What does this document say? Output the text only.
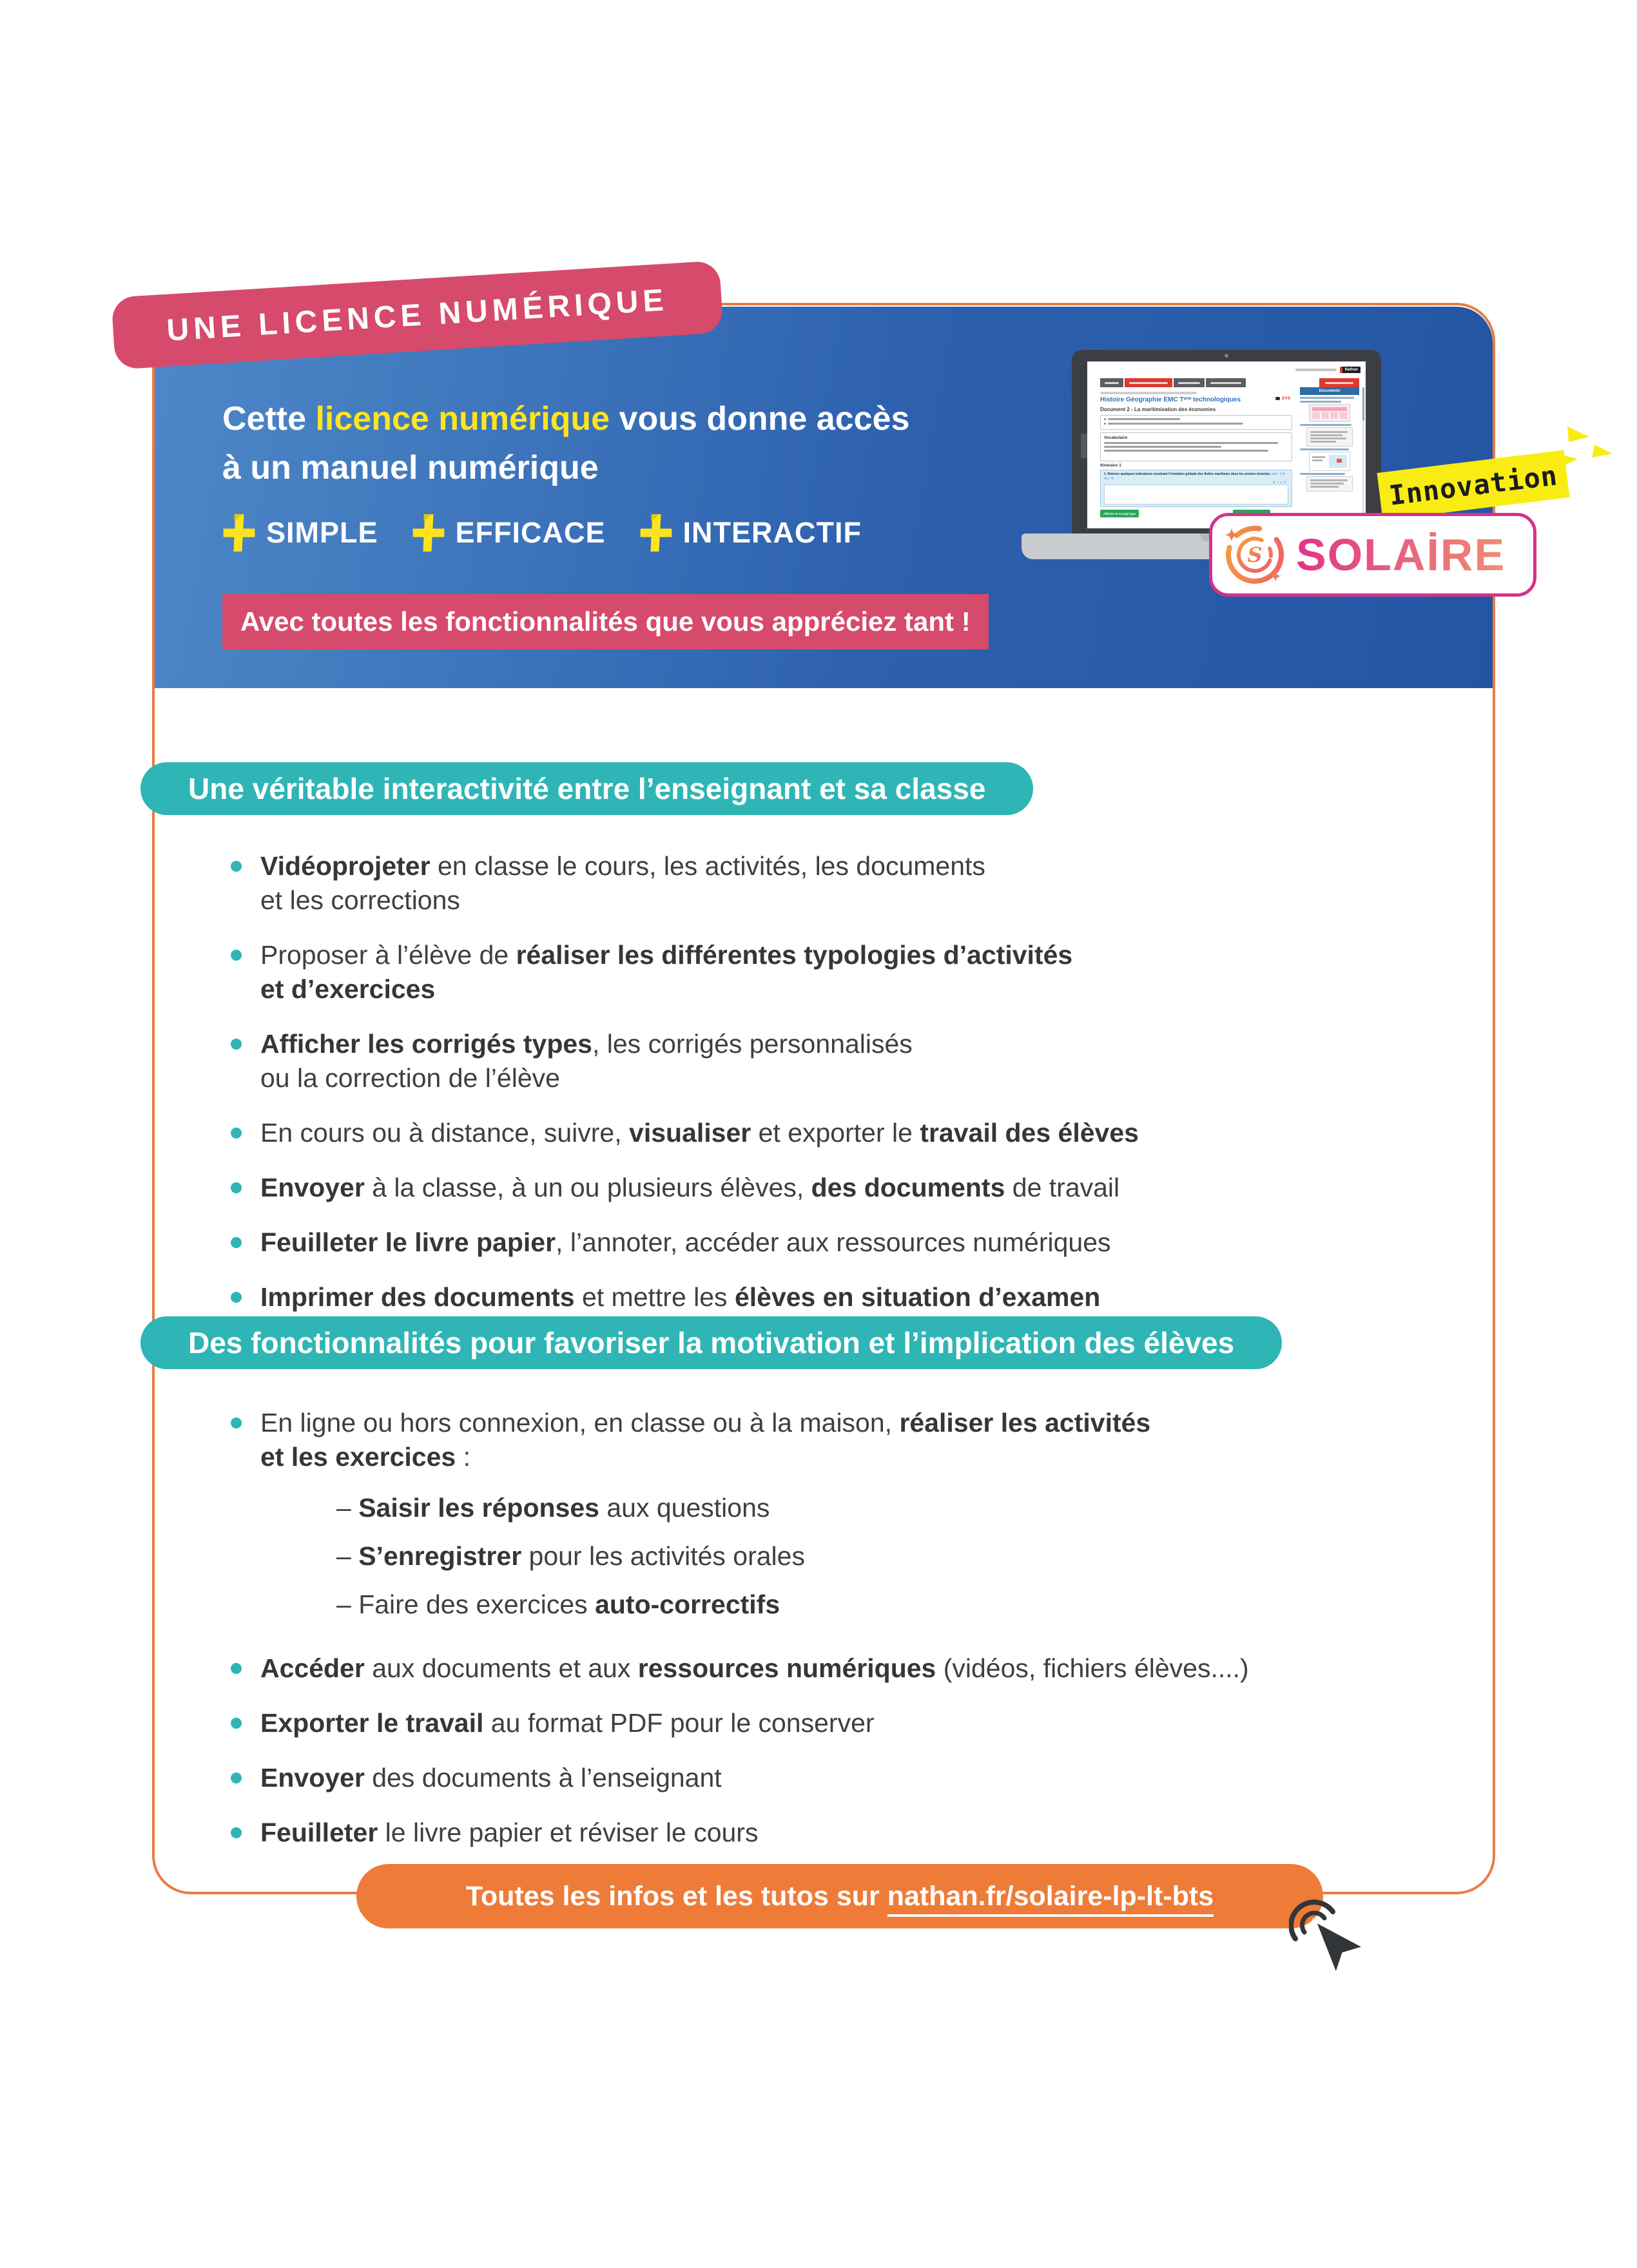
UNE LICENCE NUMÉRIQUE
Cette licence numérique vous donne accès
à un manuel numérique
SIMPLE	EFFICACE	INTERACTIF
Avec toutes les fonctionnalités que vous appréciez tant !
Nathan
Histoire Géographie EMC Tᵉʳᵐ technologiques	DYS
Document 2 - La maritimisation des économies
Vocabulaire
Itinéraire 1
1. Relevez quelques indicateurs montrant l’évolution globale des flottes maritimes dans les années récentes. (doc. 1 et doc. 4)
B I U ▾
Afficher le corrigé type
Documents
Innovation
S SOLAİRE
Une véritable interactivité entre l’enseignant et sa classe
Vidéoprojeter en classe le cours, les activités, les documents
et les corrections
Proposer à l’élève de réaliser les différentes typologies d’activités
et d’exercices
Afficher les corrigés types, les corrigés personnalisés
ou la correction de l’élève
En cours ou à distance, suivre, visualiser et exporter le travail des élèves
Envoyer à la classe, à un ou plusieurs élèves, des documents de travail
Feuilleter le livre papier, l’annoter, accéder aux ressources numériques
Imprimer des documents et mettre les élèves en situation d’examen
Des fonctionnalités pour favoriser la motivation et l’implication des élèves
En ligne ou hors connexion, en classe ou à la maison, réaliser les activités
et les exercices :
– Saisir les réponses aux questions
– S’enregistrer pour les activités orales
– Faire des exercices auto-correctifs
Accéder aux documents et aux ressources numériques (vidéos, fichiers élèves....)
Exporter le travail au format PDF pour le conserver
Envoyer des documents à l’enseignant
Feuilleter le livre papier et réviser le cours
Toutes les infos et les tutos sur nathan.fr/solaire-lp-lt-bts
